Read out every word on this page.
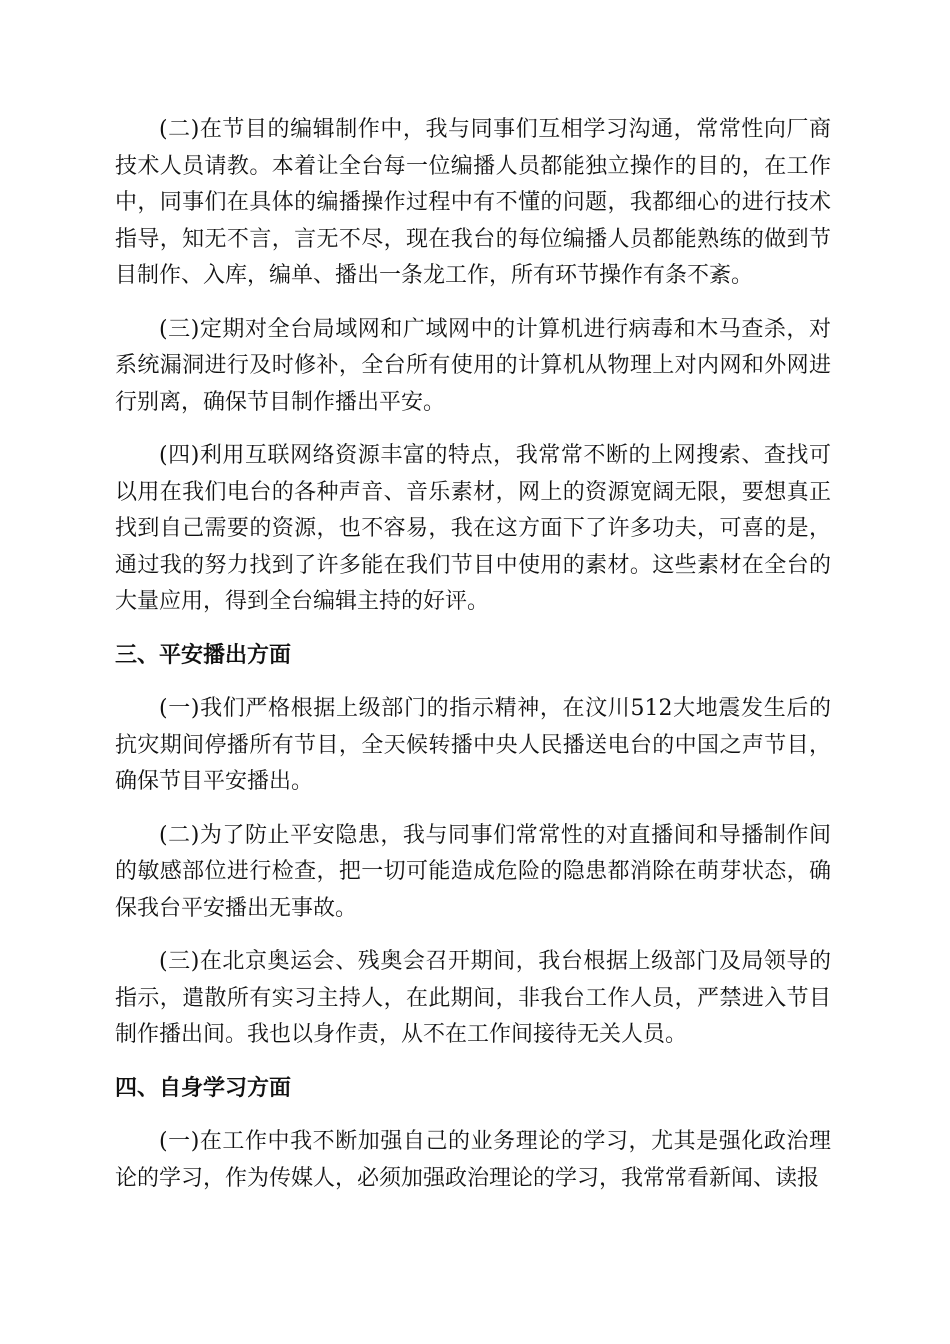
(二)在节目的编辑制作中，我与同事们互相学习沟通，常常性向厂商技术人员请教。本着让全台每一位编播人员都能独立操作的目的，在工作中，同事们在具体的编播操作过程中有不懂的问题，我都细心的进行技术指导，知无不言，言无不尽，现在我台的每位编播人员都能熟练的做到节目制作、入库，编单、播出一条龙工作，所有环节操作有条不紊。

(三)定期对全台局域网和广域网中的计算机进行病毒和木马查杀，对系统漏洞进行及时修补，全台所有使用的计算机从物理上对内网和外网进行别离，确保节目制作播出平安。

(四)利用互联网络资源丰富的特点，我常常不断的上网搜索、查找可以用在我们电台的各种声音、音乐素材，网上的资源宽阔无限，要想真正找到自己需要的资源，也不容易，我在这方面下了许多功夫，可喜的是，通过我的努力找到了许多能在我们节目中使用的素材。这些素材在全台的大量应用，得到全台编辑主持的好评。

三、平安播出方面

(一)我们严格根据上级部门的指示精神，在汶川512大地震发生后的抗灾期间停播所有节目，全天候转播中央人民播送电台的中国之声节目，确保节目平安播出。

(二)为了防止平安隐患，我与同事们常常性的对直播间和导播制作间的敏感部位进行检查，把一切可能造成危险的隐患都消除在萌芽状态，确保我台平安播出无事故。

(三)在北京奥运会、残奥会召开期间，我台根据上级部门及局领导的指示，遣散所有实习主持人，在此期间，非我台工作人员，严禁进入节目制作播出间。我也以身作责，从不在工作间接待无关人员。

四、自身学习方面

(一)在工作中我不断加强自己的业务理论的学习，尤其是强化政治理论的学习，作为传媒人，必须加强政治理论的学习，我常常看新闻、读报
